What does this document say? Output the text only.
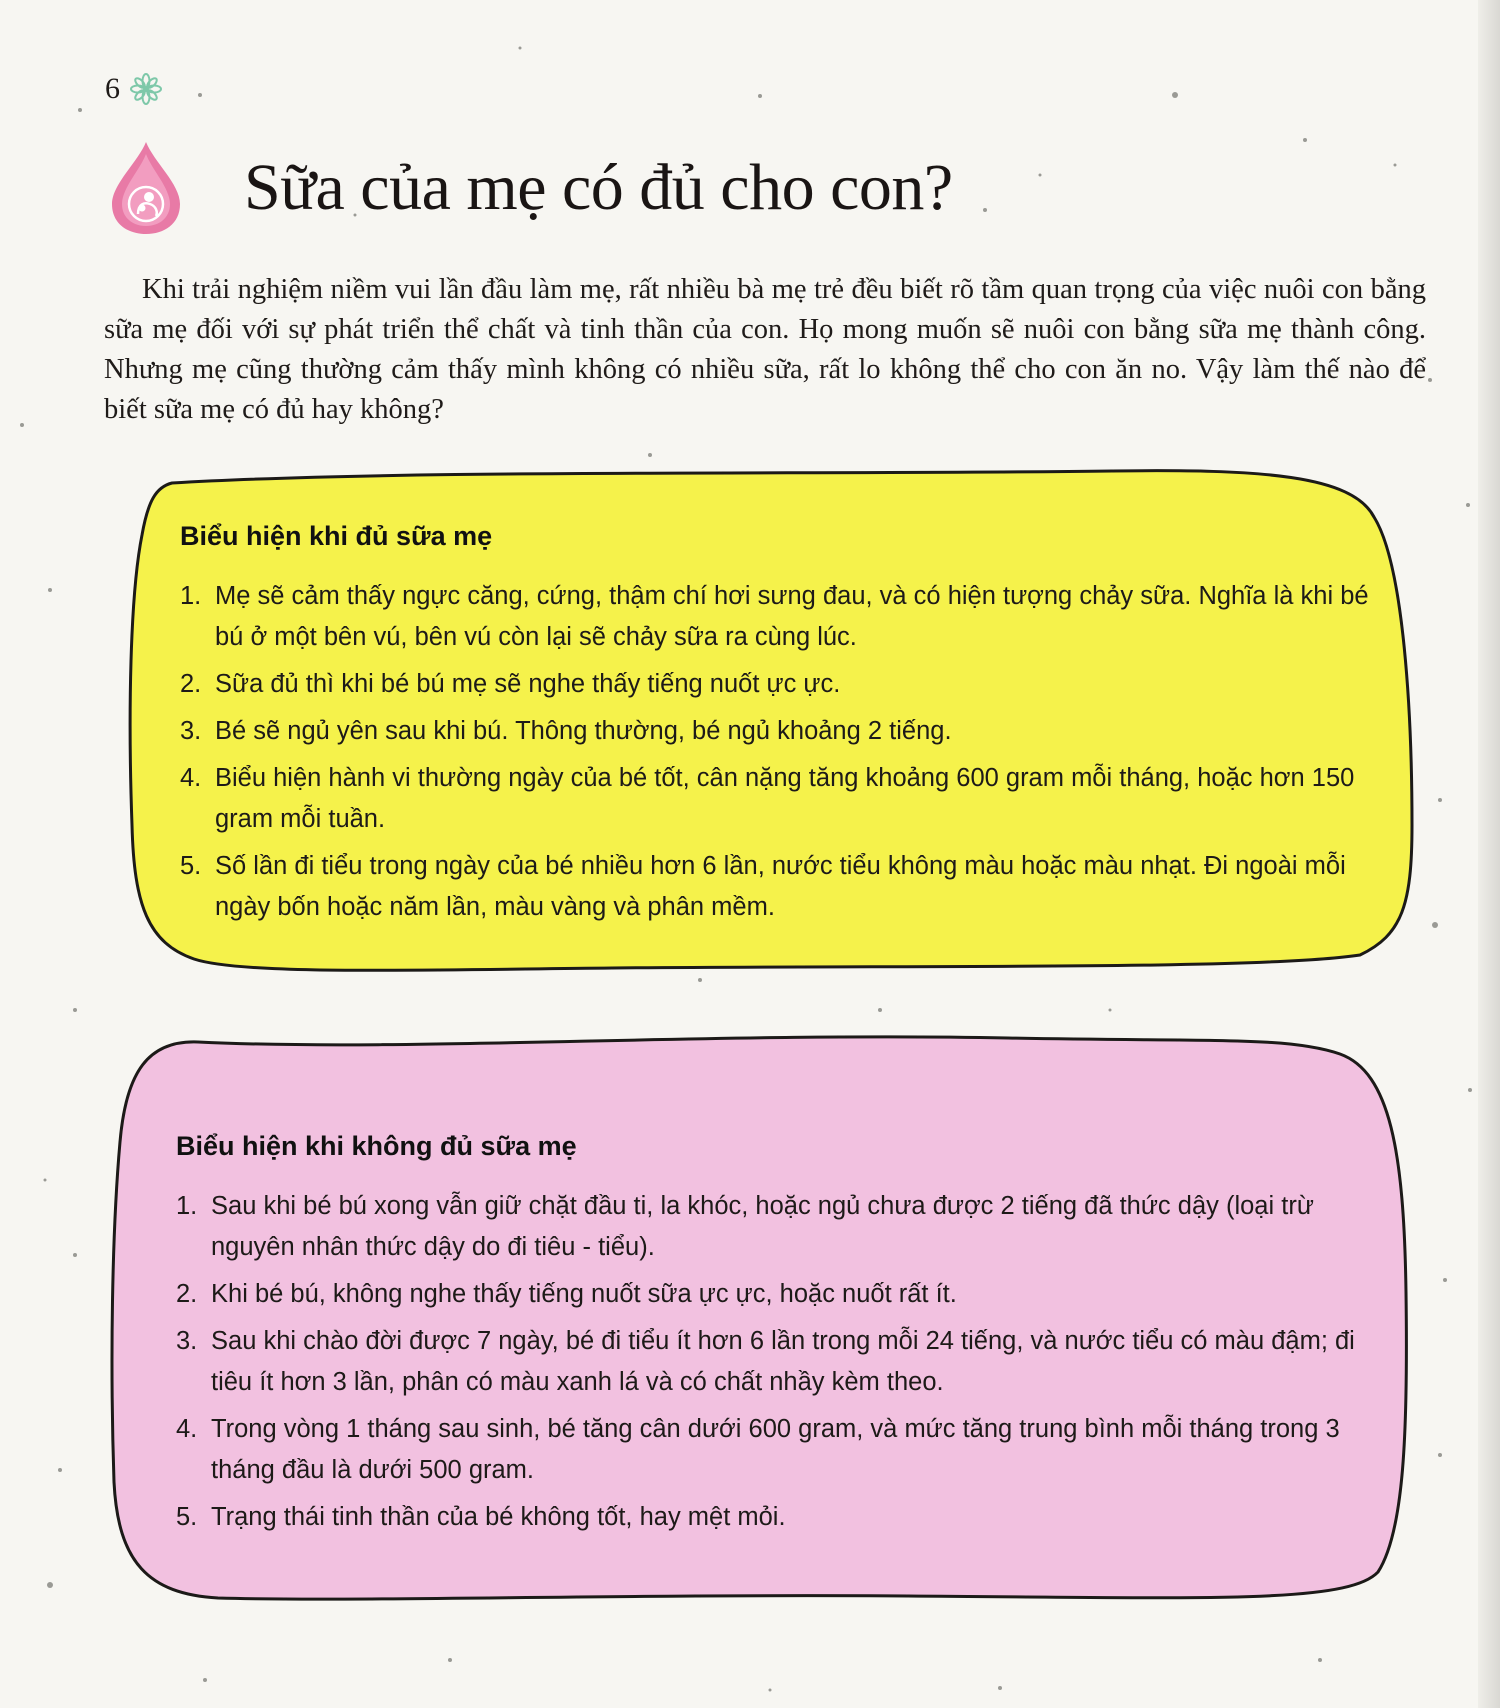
6
Sữa của mẹ có đủ cho con?

Khi trải nghiệm niềm vui lần đầu làm mẹ, rất nhiều bà mẹ trẻ đều biết rõ tầm quan trọng của việc nuôi con bằng sữa mẹ đối với sự phát triển thể chất và tinh thần của con. Họ mong muốn sẽ nuôi con bằng sữa mẹ thành công. Nhưng mẹ cũng thường cảm thấy mình không có nhiều sữa, rất lo không thể cho con ăn no. Vậy làm thế nào để biết sữa mẹ có đủ hay không?

Biểu hiện khi đủ sữa mẹ
1. Mẹ sẽ cảm thấy ngực căng, cứng, thậm chí hơi sưng đau, và có hiện tượng chảy sữa. Nghĩa là khi bé bú ở một bên vú, bên vú còn lại sẽ chảy sữa ra cùng lúc.
2. Sữa đủ thì khi bé bú mẹ sẽ nghe thấy tiếng nuốt ực ực.
3. Bé sẽ ngủ yên sau khi bú. Thông thường, bé ngủ khoảng 2 tiếng.
4. Biểu hiện hành vi thường ngày của bé tốt, cân nặng tăng khoảng 600 gram mỗi tháng, hoặc hơn 150 gram mỗi tuần.
5. Số lần đi tiểu trong ngày của bé nhiều hơn 6 lần, nước tiểu không màu hoặc màu nhạt. Đi ngoài mỗi ngày bốn hoặc năm lần, màu vàng và phân mềm.
Biểu hiện khi không đủ sữa mẹ
1. Sau khi bé bú xong vẫn giữ chặt đầu ti, la khóc, hoặc ngủ chưa được 2 tiếng đã thức dậy (loại trừ nguyên nhân thức dậy do đi tiêu - tiểu).
2. Khi bé bú, không nghe thấy tiếng nuốt sữa ực ực, hoặc nuốt rất ít.
3. Sau khi chào đời được 7 ngày, bé đi tiểu ít hơn 6 lần trong mỗi 24 tiếng, và nước tiểu có màu đậm; đi tiêu ít hơn 3 lần, phân có màu xanh lá và có chất nhầy kèm theo.
4. Trong vòng 1 tháng sau sinh, bé tăng cân dưới 600 gram, và mức tăng trung bình mỗi tháng trong 3 tháng đầu là dưới 500 gram.
5. Trạng thái tinh thần của bé không tốt, hay mệt mỏi.
